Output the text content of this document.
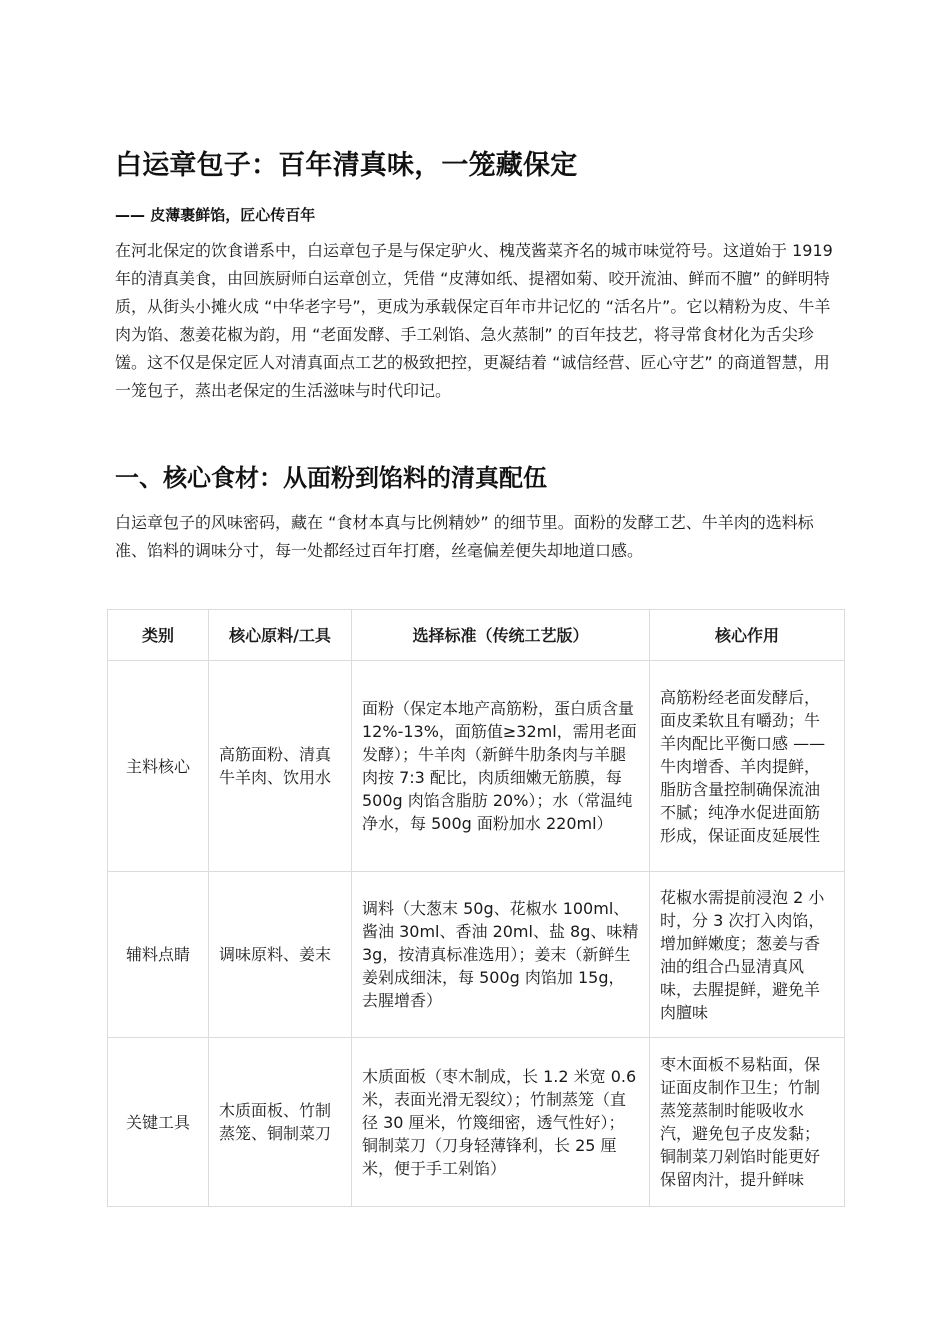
白运章包子：百年清真味，一笼藏保定
—— 皮薄裹鲜馅，匠心传百年

在河北保定的饮食谱系中，白运章包子是与保定驴火、槐茂酱菜齐名的城市味觉符号。这道始于 1919 年的清真美食，由回族厨师白运章创立，凭借 “皮薄如纸、提褶如菊、咬开流油、鲜而不膻” 的鲜明特质，从街头小摊火成 “中华老字号”，更成为承载保定百年市井记忆的 “活名片”。它以精粉为皮、牛羊肉为馅、葱姜花椒为韵，用 “老面发酵、手工剁馅、急火蒸制” 的百年技艺，将寻常食材化为舌尖珍馐。这不仅是保定匠人对清真面点工艺的极致把控，更凝结着 “诚信经营、匠心守艺” 的商道智慧，用一笼包子，蒸出老保定的生活滋味与时代印记。

一、核心食材：从面粉到馅料的清真配伍

白运章包子的风味密码，藏在 “食材本真与比例精妙” 的细节里。面粉的发酵工艺、牛羊肉的选料标准、馅料的调味分寸，每一处都经过百年打磨，丝毫偏差便失却地道口感。

类别	核心原料/工具	选择标准（传统工艺版）	核心作用
主料核心	高筋面粉、清真牛羊肉、饮用水	面粉（保定本地产高筋粉，蛋白质含量 12%-13%，面筋值≥32ml，需用老面发酵）；牛羊肉（新鲜牛肋条肉与羊腿肉按 7:3 配比，肉质细嫩无筋膜，每 500g 肉馅含脂肪 20%）；水（常温纯净水，每 500g 面粉加水 220ml）	高筋粉经老面发酵后，面皮柔软且有嚼劲；牛羊肉配比平衡口感 —— 牛肉增香、羊肉提鲜，脂肪含量控制确保流油不腻；纯净水促进面筋形成，保证面皮延展性
辅料点睛	调味原料、姜末	调料（大葱末 50g、花椒水 100ml、酱油 30ml、香油 20ml、盐 8g、味精 3g，按清真标准选用）；姜末（新鲜生姜剁成细沫，每 500g 肉馅加 15g，去腥增香）	花椒水需提前浸泡 2 小时，分 3 次打入肉馅，增加鲜嫩度；葱姜与香油的组合凸显清真风味，去腥提鲜，避免羊肉膻味
关键工具	木质面板、竹制蒸笼、铜制菜刀	木质面板（枣木制成，长 1.2 米宽 0.6 米，表面光滑无裂纹）；竹制蒸笼（直径 30 厘米，竹篾细密，透气性好）；铜制菜刀（刀身轻薄锋利，长 25 厘米，便于手工剁馅）	枣木面板不易粘面，保证面皮制作卫生；竹制蒸笼蒸制时能吸收水汽，避免包子皮发黏；铜制菜刀剁馅时能更好保留肉汁，提升鲜味
